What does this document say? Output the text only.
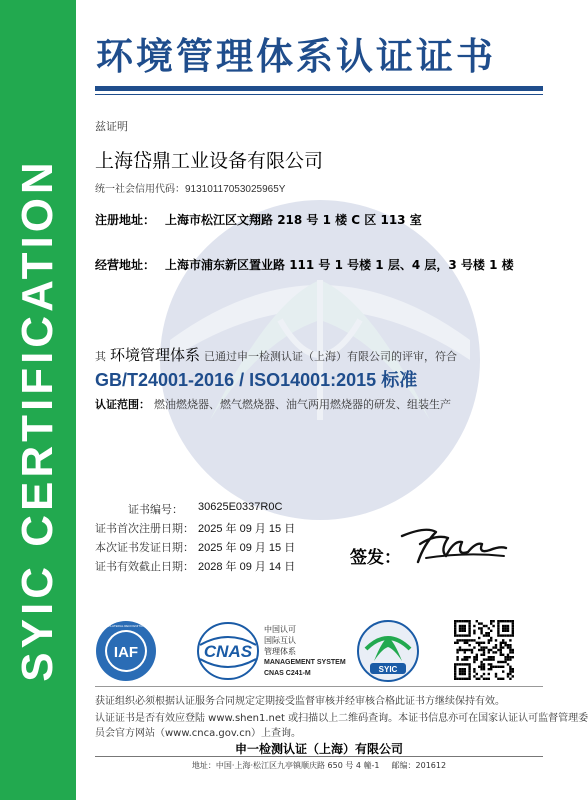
SYIC CERTIFICATION
环境管理体系认证证书
兹证明
上海岱鼎工业设备有限公司
统一社会信用代码：91310117053025965Y
注册地址： 上海市松江区文翔路 218 号 1 楼 C 区 113 室
经营地址： 上海市浦东新区置业路 111 号 1 号楼 1 层、4 层，3 号楼 1 楼
其 环境管理体系 已通过申一检测认证（上海）有限公司的评审，符合
GB/T24001-2016 / ISO14001:2015 标准
认证范围： 燃油燃烧器、燃气燃烧器、油气两用燃烧器的研发、组装生产
证书编号： 30625E0337R0C
证书首次注册日期： 2025 年 09 月 15 日
本次证书发证日期： 2025 年 09 月 15 日
证书有效截止日期： 2028 年 09 月 14 日	签发：
IAF
MEMBER OF MULTILATERAL RECOGNITION ARRANGEMENT
CNAS
中国认可
国际互认
管理体系
MANAGEMENT SYSTEM
CNAS C241-M	SYIC
获证组织必须根据认证服务合同规定定期接受监督审核并经审核合格此证书方继续保持有效。
认证证书是否有效应登陆 www.shen1.net 或扫描以上二维码查询。本证书信息亦可在国家认证认可监督管理委
员会官方网站（www.cnca.gov.cn）上查询。
申一检测认证（上海）有限公司
地址：中国·上海·松江区九亭镇顺庆路 650 号 4 幢-1 邮编：201612
